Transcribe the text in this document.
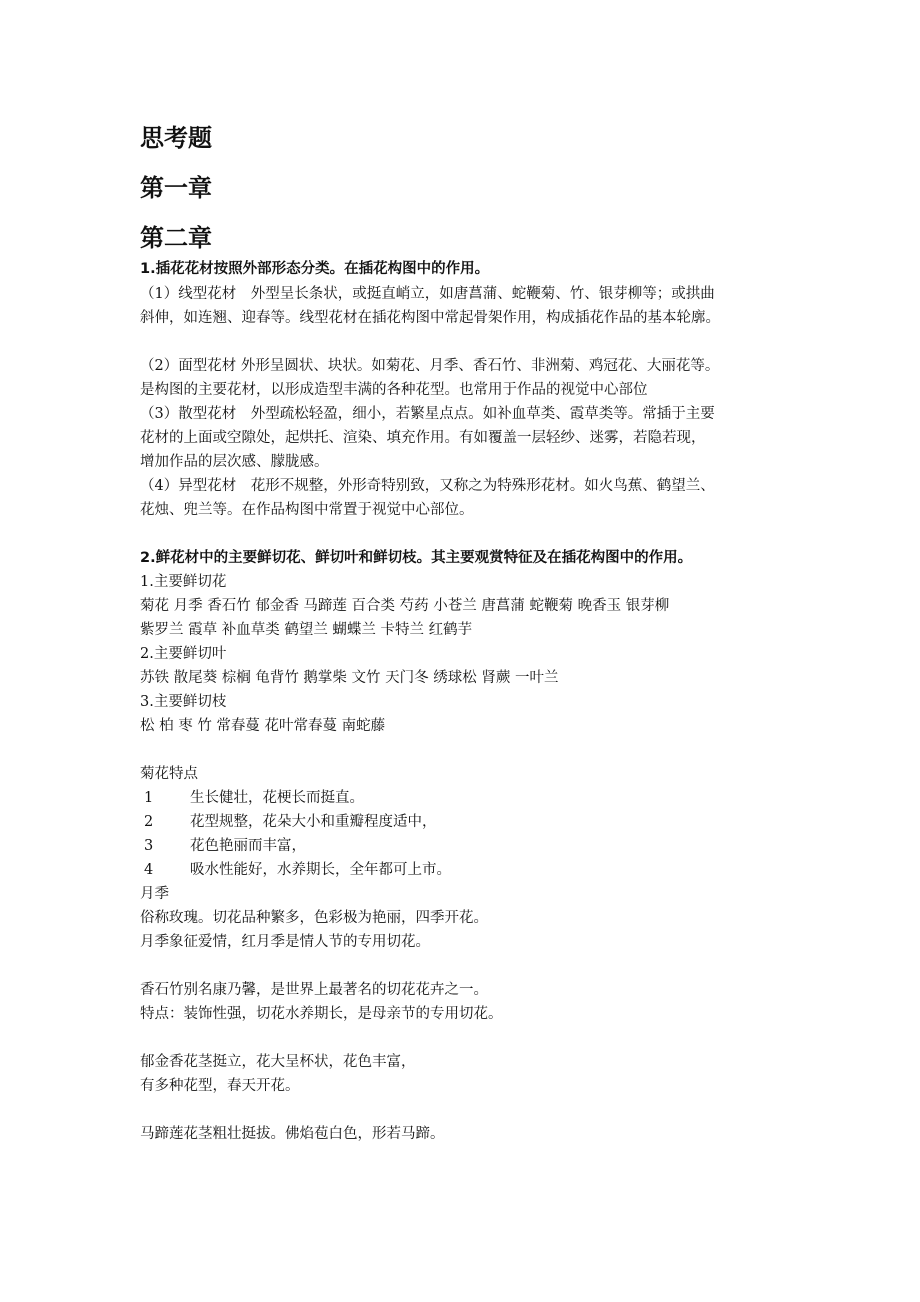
思考题
第一章
第二章
1.插花花材按照外部形态分类。在插花构图中的作用。
（1）线型花材　外型呈长条状，或挺直峭立，如唐菖蒲、蛇鞭菊、竹、银芽柳等；或拱曲
斜伸，如连翘、迎春等。线型花材在插花构图中常起骨架作用，构成插花作品的基本轮廓。
（2）面型花材 外形呈圆状、块状。如菊花、月季、香石竹、非洲菊、鸡冠花、大丽花等。
是构图的主要花材，以形成造型丰满的各种花型。也常用于作品的视觉中心部位
（3）散型花材　外型疏松轻盈，细小，若繁星点点。如补血草类、霞草类等。常插于主要
花材的上面或空隙处，起烘托、渲染、填充作用。有如覆盖一层轻纱、迷雾，若隐若现，
增加作品的层次感、朦胧感。
（4）异型花材　花形不规整，外形奇特别致，又称之为特殊形花材。如火鸟蕉、鹤望兰、
花烛、兜兰等。在作品构图中常置于视觉中心部位。
2.鲜花材中的主要鲜切花、鲜切叶和鲜切枝。其主要观赏特征及在插花构图中的作用。
1.主要鲜切花
菊花 月季 香石竹 郁金香 马蹄莲 百合类 芍药 小苍兰 唐菖蒲 蛇鞭菊 晚香玉 银芽柳
紫罗兰 霞草 补血草类 鹤望兰 蝴蝶兰 卡特兰 红鹤芋
2.主要鲜切叶
苏铁 散尾葵 棕榈 龟背竹 鹅掌柴 文竹 天门冬 绣球松 肾蕨 一叶兰
3.主要鲜切枝
松 柏 枣 竹 常春蔓 花叶常春蔓 南蛇藤
菊花特点
1	生长健壮，花梗长而挺直。
2	花型规整，花朵大小和重瓣程度适中，
3	花色艳丽而丰富，
4	吸水性能好，水养期长，全年都可上市。
月季
俗称玫瑰。切花品种繁多，色彩极为艳丽，四季开花。
月季象征爱情，红月季是情人节的专用切花。
香石竹别名康乃馨，是世界上最著名的切花花卉之一。
特点：装饰性强，切花水养期长，是母亲节的专用切花。
郁金香花茎挺立，花大呈杯状，花色丰富，
有多种花型，春天开花。
马蹄莲花茎粗壮挺拔。佛焰苞白色，形若马蹄。
